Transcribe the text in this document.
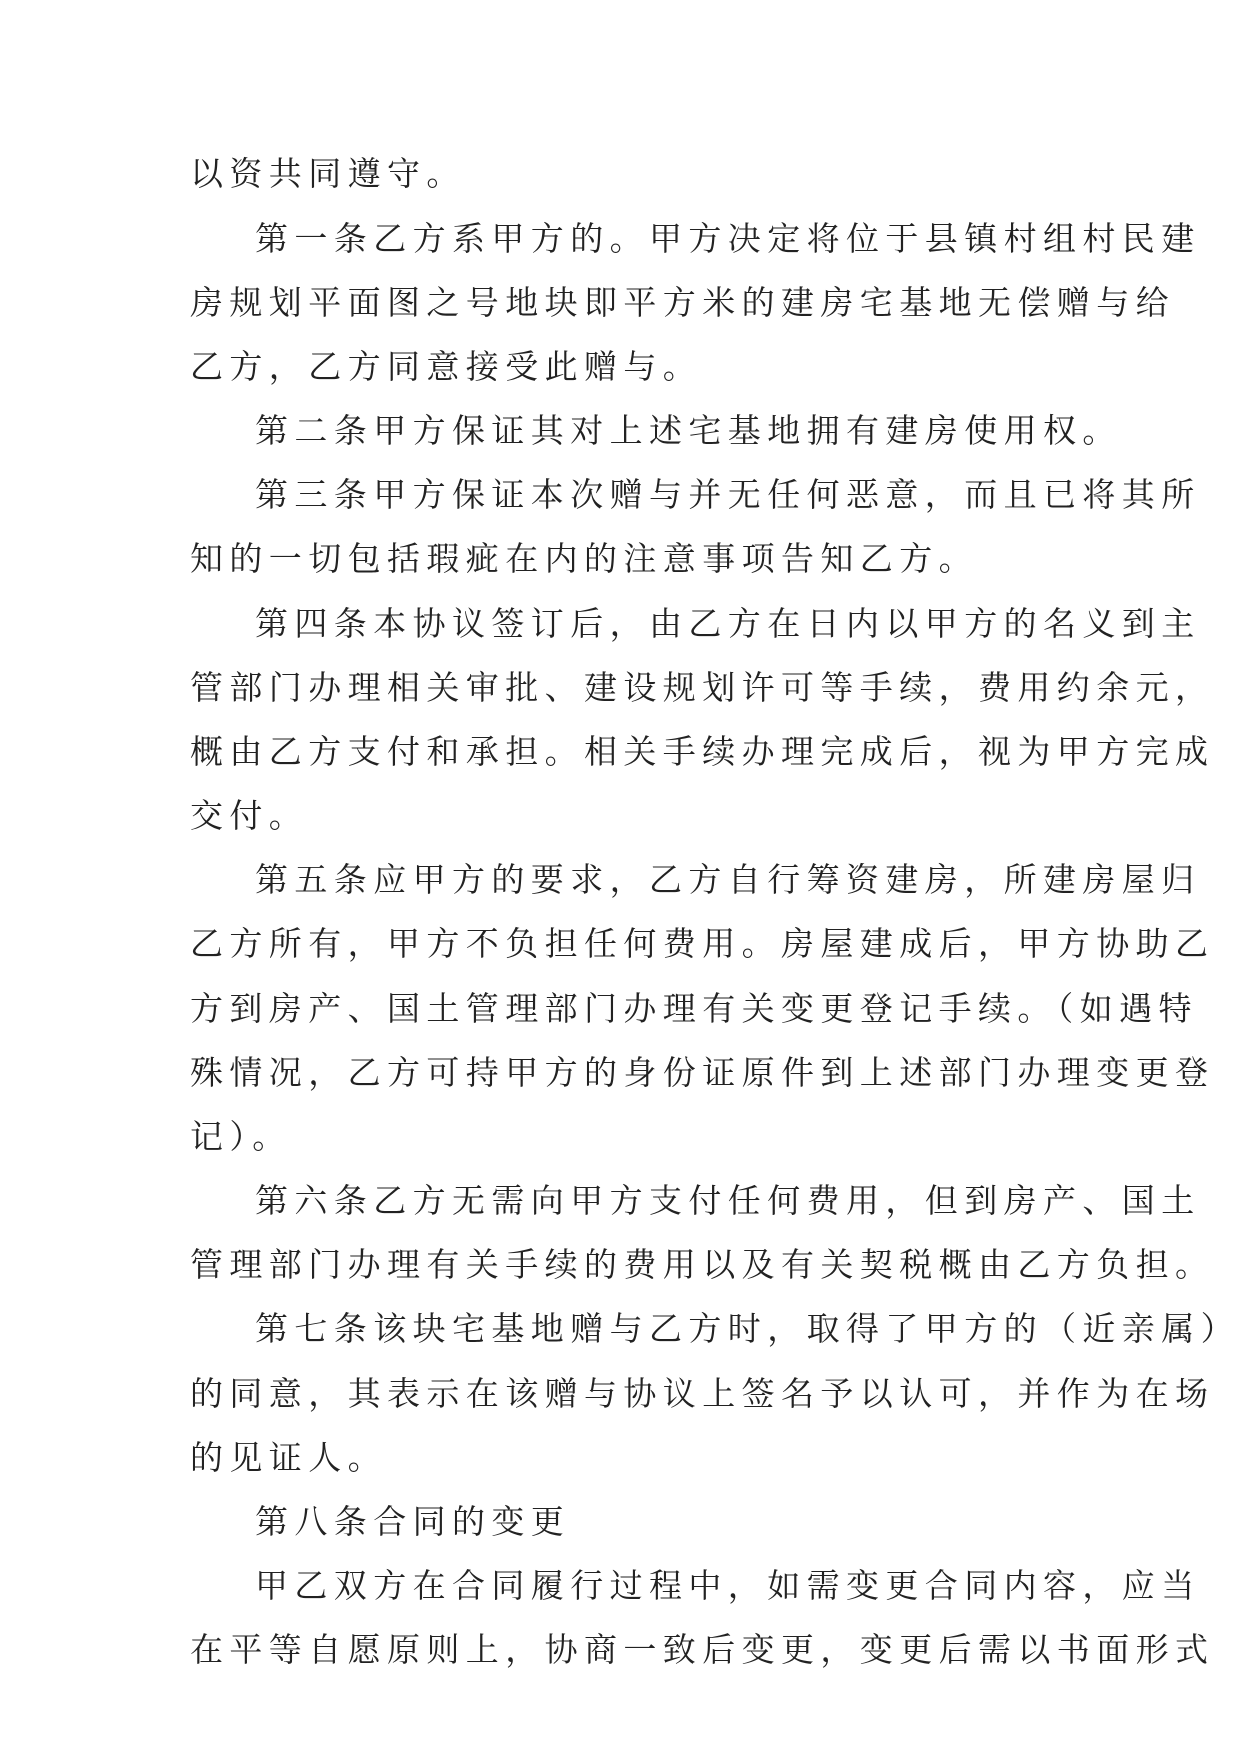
以资共同遵守。
第一条乙方系甲方的。甲方决定将位于县镇村组村民建
房规划平面图之号地块即平方米的建房宅基地无偿赠与给
乙方，乙方同意接受此赠与。
第二条甲方保证其对上述宅基地拥有建房使用权。
第三条甲方保证本次赠与并无任何恶意，而且已将其所
知的一切包括瑕疵在内的注意事项告知乙方。
第四条本协议签订后，由乙方在日内以甲方的名义到主
管部门办理相关审批、建设规划许可等手续，费用约余元，
概由乙方支付和承担。相关手续办理完成后，视为甲方完成
交付。
第五条应甲方的要求，乙方自行筹资建房，所建房屋归
乙方所有，甲方不负担任何费用。房屋建成后，甲方协助乙
方到房产、国土管理部门办理有关变更登记手续。（如遇特
殊情况，乙方可持甲方的身份证原件到上述部门办理变更登
记）。
第六条乙方无需向甲方支付任何费用，但到房产、国土
管理部门办理有关手续的费用以及有关契税概由乙方负担。
第七条该块宅基地赠与乙方时，取得了甲方的（近亲属）
的同意，其表示在该赠与协议上签名予以认可，并作为在场
的见证人。
第八条合同的变更
甲乙双方在合同履行过程中，如需变更合同内容，应当
在平等自愿原则上，协商一致后变更，变更后需以书面形式
